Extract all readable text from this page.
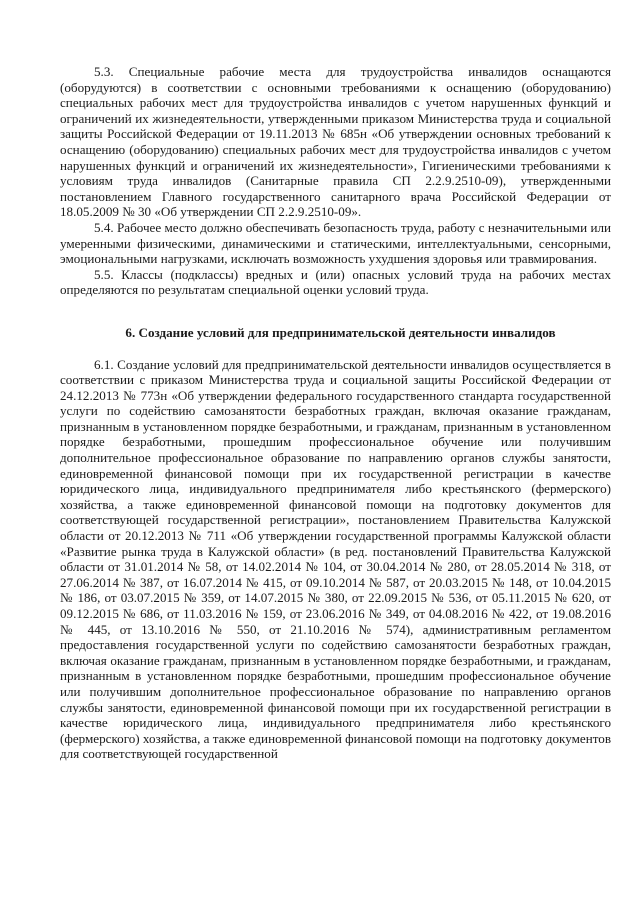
5.3. Специальные рабочие места для трудоустройства инвалидов оснащаются (оборудуются) в соответствии с основными требованиями к оснащению (оборудованию) специальных рабочих мест для трудоустройства инвалидов с учетом нарушенных функций и ограничений их жизнедеятельности, утвержденными приказом Министерства труда и социальной защиты Российской Федерации от 19.11.2013 № 685н «Об утверждении основных требований к оснащению (оборудованию) специальных рабочих мест для трудоустройства инвалидов с учетом нарушенных функций и ограничений их жизнедеятельности», Гигиеническими требованиями к условиям труда инвалидов (Санитарные правила СП 2.2.9.2510-09), утвержденными постановлением Главного государственного санитарного врача Российской Федерации от 18.05.2009 № 30 «Об утверждении СП 2.2.9.2510-09».

5.4. Рабочее место должно обеспечивать безопасность труда, работу с незначительными или умеренными физическими, динамическими и статическими, интеллектуальными, сенсорными, эмоциональными нагрузками, исключать возможность ухудшения здоровья или травмирования.

5.5. Классы (подклассы) вредных и (или) опасных условий труда на рабочих местах определяются по результатам специальной оценки условий труда.

6. Создание условий для предпринимательской деятельности инвалидов

6.1. Создание условий для предпринимательской деятельности инвалидов осуществляется в соответствии с приказом Министерства труда и социальной защиты Российской Федерации от 24.12.2013 № 773н «Об утверждении федерального государственного стандарта государственной услуги по содействию самозанятости безработных граждан, включая оказание гражданам, признанным в установленном порядке безработными, и гражданам, признанным в установленном порядке безработными, прошедшим профессиональное обучение или получившим дополнительное профессиональное образование по направлению органов службы занятости, единовременной финансовой помощи при их государственной регистрации в качестве юридического лица, индивидуального предпринимателя либо крестьянского (фермерского) хозяйства, а также единовременной финансовой помощи на подготовку документов для соответствующей государственной регистрации», постановлением Правительства Калужской области от 20.12.2013 № 711 «Об утверждении государственной программы Калужской области «Развитие рынка труда в Калужской области» (в ред. постановлений Правительства Калужской области от 31.01.2014 № 58, от 14.02.2014 № 104, от 30.04.2014 № 280, от 28.05.2014 № 318, от 27.06.2014 № 387, от 16.07.2014 № 415, от 09.10.2014 № 587, от 20.03.2015 № 148, от 10.04.2015 № 186, от 03.07.2015 № 359, от 14.07.2015 № 380, от 22.09.2015 № 536, от 05.11.2015 № 620, от 09.12.2015 № 686, от 11.03.2016 № 159, от 23.06.2016 № 349, от 04.08.2016 № 422, от 19.08.2016 № 445, от 13.10.2016 № 550, от 21.10.2016 № 574), административным регламентом предоставления государственной услуги по содействию самозанятости безработных граждан, включая оказание гражданам, признанным в установленном порядке безработными, и гражданам, признанным в установленном порядке безработными, прошедшим профессиональное обучение или получившим дополнительное профессиональное образование по направлению органов службы занятости, единовременной финансовой помощи при их государственной регистрации в качестве юридического лица, индивидуального предпринимателя либо крестьянского (фермерского) хозяйства, а также единовременной финансовой помощи на подготовку документов для соответствующей государственной
